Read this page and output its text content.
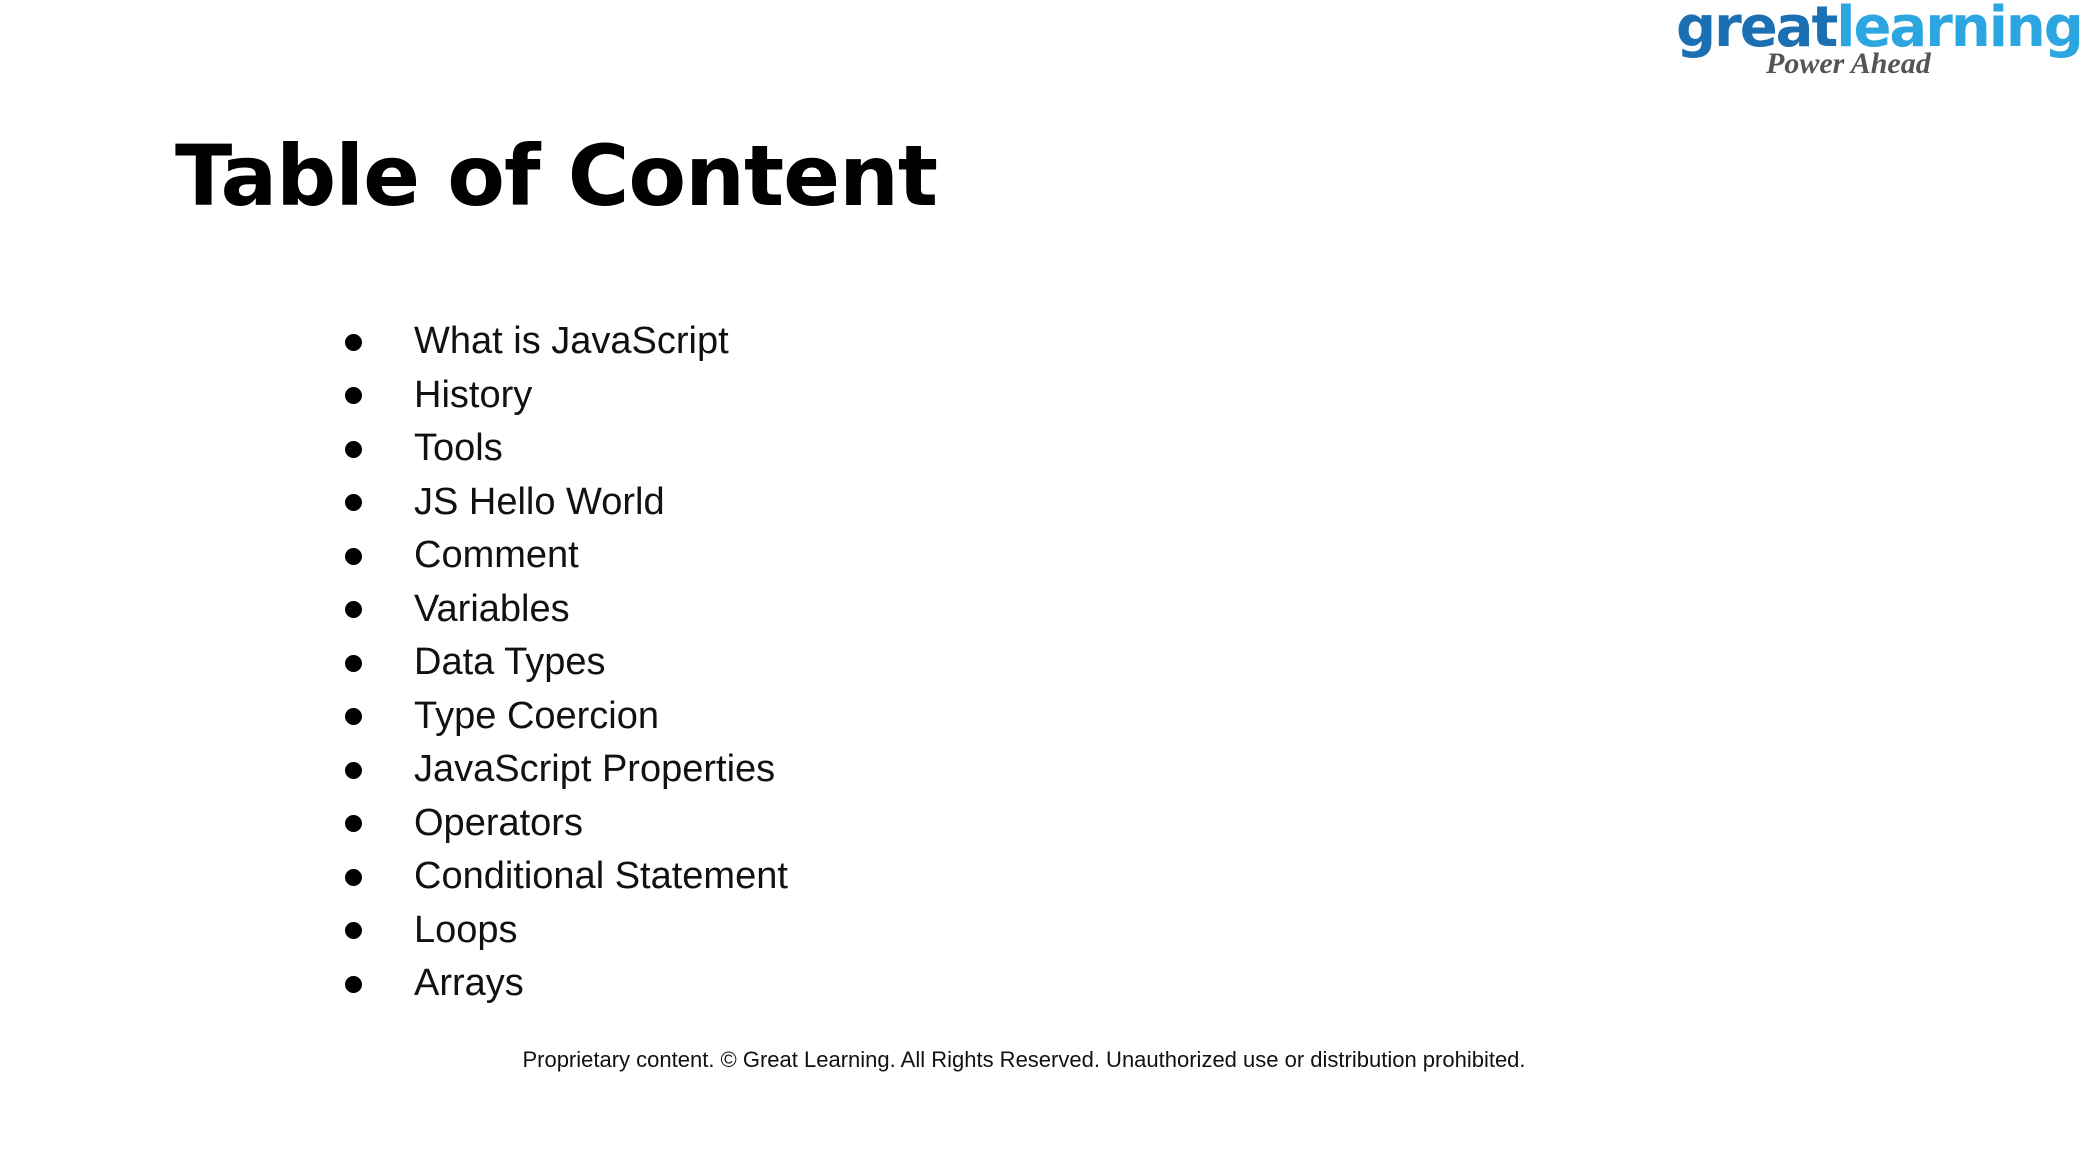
greatlearning
Power Ahead
Table of Content
What is JavaScript
History
Tools
JS Hello World
Comment
Variables
Data Types
Type Coercion
JavaScript Properties
Operators
Conditional Statement
Loops
Arrays
Proprietary content. © Great Learning. All Rights Reserved. Unauthorized use or distribution prohibited.
